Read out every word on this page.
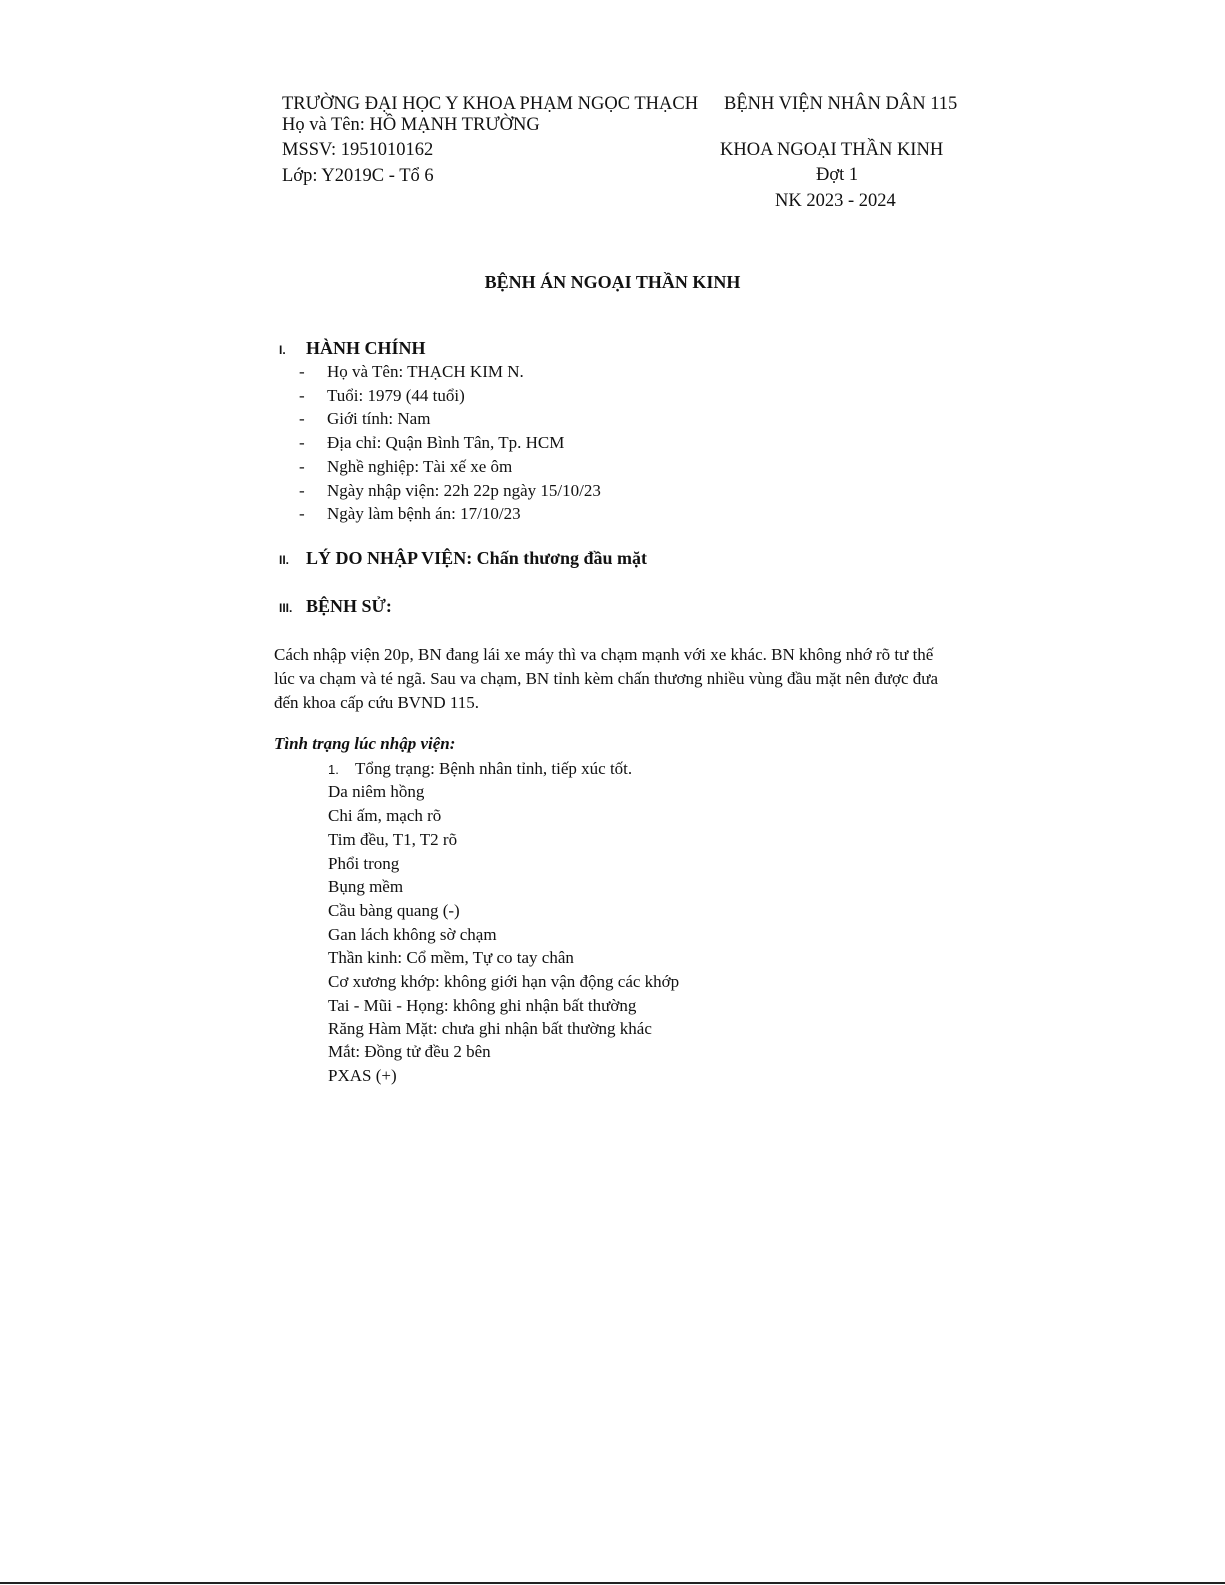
TRƯỜNG ĐẠI HỌC Y KHOA PHẠM NGỌC THẠCH
Họ và Tên: HỒ MẠNH TRƯỜNG
MSSV: 1951010162
Lớp: Y2019C - Tổ 6
BỆNH VIỆN NHÂN DÂN 115
KHOA NGOẠI THẦN KINH
Đợt 1
NK 2023 - 2024
BỆNH ÁN NGOẠI THẦN KINH
I. HÀNH CHÍNH
- Họ và Tên: THẠCH KIM N.
- Tuổi: 1979 (44 tuổi)
- Giới tính: Nam
- Địa chỉ: Quận Bình Tân, Tp. HCM
- Nghề nghiệp: Tài xế xe ôm
- Ngày nhập viện: 22h 22p ngày 15/10/23
- Ngày làm bệnh án: 17/10/23
II. LÝ DO NHẬP VIỆN: Chấn thương đầu mặt
III. BỆNH SỬ:
Cách nhập viện 20p, BN đang lái xe máy thì va chạm mạnh với xe khác. BN không nhớ rõ tư thế lúc va chạm và té ngã. Sau va chạm, BN tỉnh kèm chấn thương nhiều vùng đầu mặt nên được đưa đến khoa cấp cứu BVND 115.
Tình trạng lúc nhập viện:
1. Tổng trạng: Bệnh nhân tỉnh, tiếp xúc tốt.
Da niêm hồng
Chi ấm, mạch rõ
Tim đều, T1, T2 rõ
Phổi trong
Bụng mềm
Cầu bàng quang (-)
Gan lách không sờ chạm
Thần kinh: Cổ mềm, Tự co tay chân
Cơ xương khớp: không giới hạn vận động các khớp
Tai - Mũi - Họng: không ghi nhận bất thường
Răng Hàm Mặt: chưa ghi nhận bất thường khác
Mắt: Đồng tử đều 2 bên
PXAS (+)
